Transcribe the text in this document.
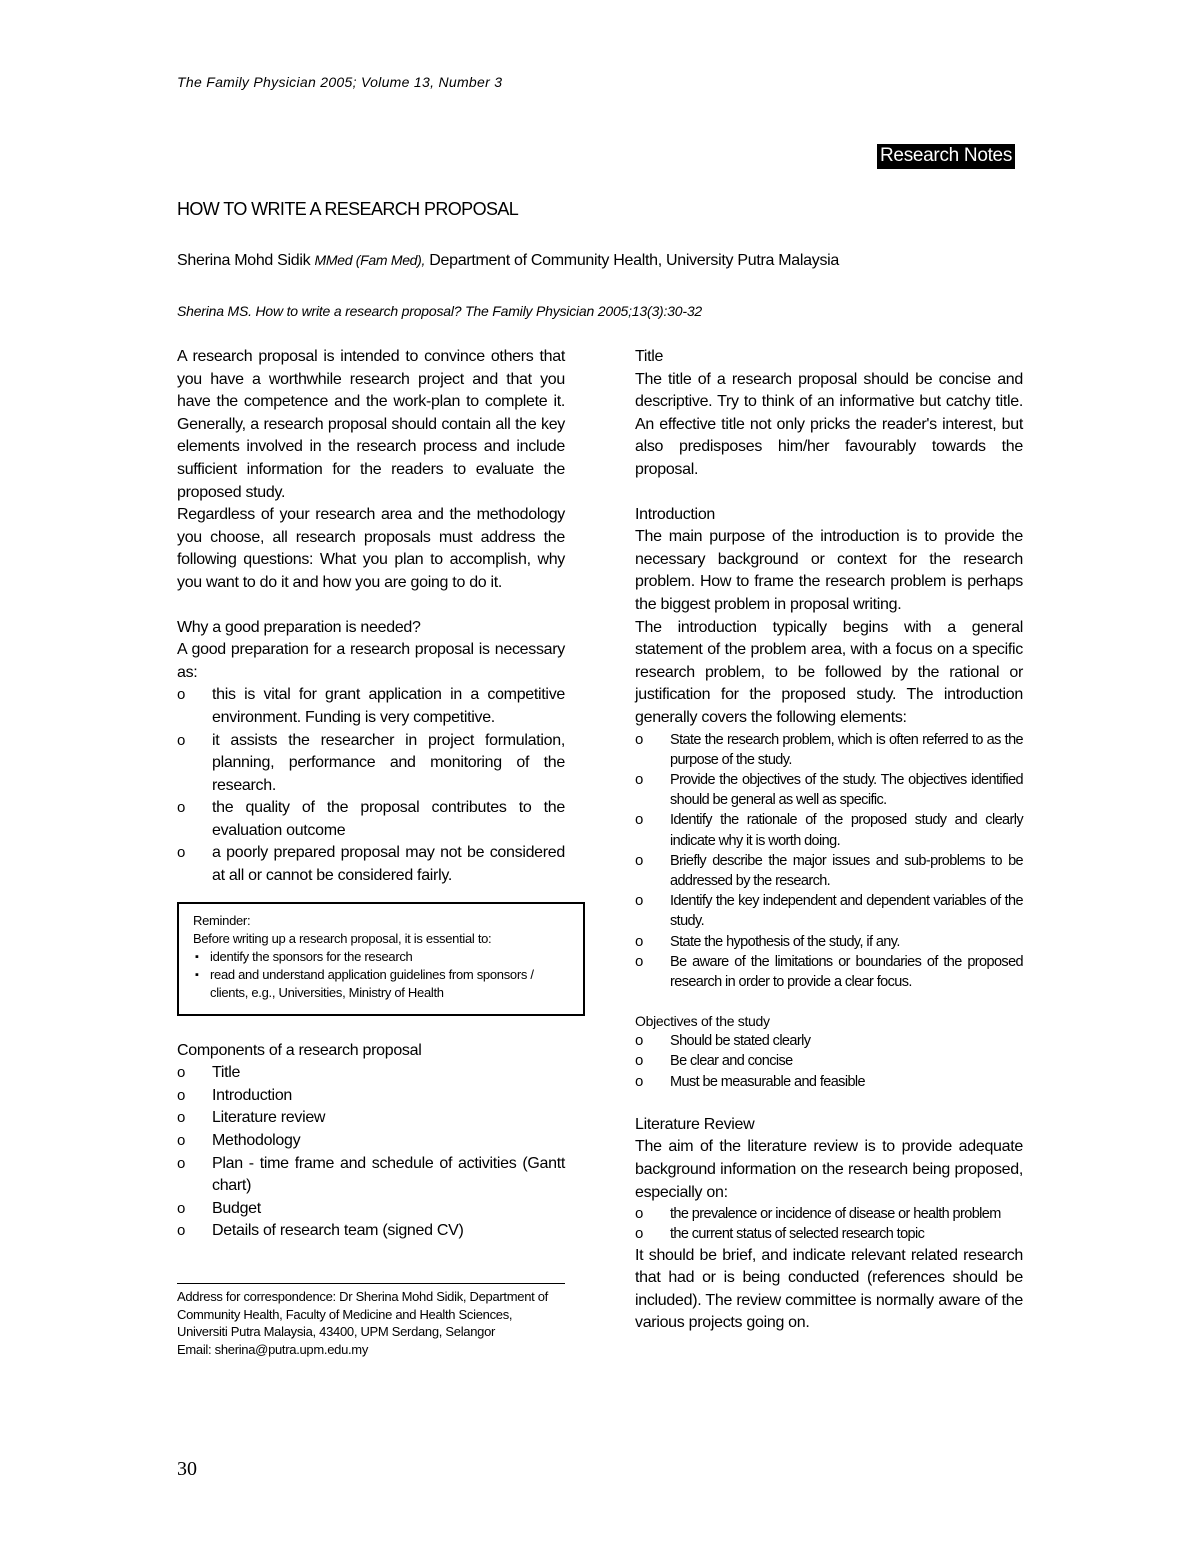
The Family Physician 2005; Volume 13, Number 3
Research Notes
HOW TO WRITE A RESEARCH PROPOSAL
Sherina Mohd Sidik MMed (Fam Med), Department of Community Health, University Putra Malaysia
Sherina MS. How to write a research proposal? The Family Physician 2005;13(3):30-32

A research proposal is intended to convince others that you have a worthwhile research project and that you have the competence and the work-plan to complete it. Generally, a research proposal should contain all the key elements involved in the research process and include sufficient information for the readers to evaluate the proposed study.

Regardless of your research area and the methodology you choose, all research proposals must address the following questions: What you plan to accomplish, why you want to do it and how you are going to do it.

Why a good preparation is needed?

A good preparation for a research proposal is necessary as:

o this is vital for grant application in a competitive environment. Funding is very competitive.
o it assists the researcher in project formulation, planning, performance and monitoring of the research.
o the quality of the proposal contributes to the evaluation outcome
o a poorly prepared proposal may not be considered at all or cannot be considered fairly.
Reminder:
Before writing up a research proposal, it is essential to:
▪ identify the sponsors for the research
▪ read and understand application guidelines from sponsors / clients, e.g., Universities, Ministry of Health
Components of a research proposal
o Title
o Introduction
o Literature review
o Methodology
o Plan - time frame and schedule of activities (Gantt chart)
o Budget
o Details of research team (signed CV)
Address for correspondence: Dr Sherina Mohd Sidik, Department of Community Health, Faculty of Medicine and Health Sciences, Universiti Putra Malaysia, 43400, UPM Serdang, Selangor
Email: sherina@putra.upm.edu.my
Title

The title of a research proposal should be concise and descriptive. Try to think of an informative but catchy title. An effective title not only pricks the reader's interest, but also predisposes him/her favourably towards the proposal.

Introduction

The main purpose of the introduction is to provide the necessary background or context for the research problem. How to frame the research problem is perhaps the biggest problem in proposal writing.

The introduction typically begins with a general statement of the problem area, with a focus on a specific research problem, to be followed by the rational or justification for the proposed study. The introduction generally covers the following elements:

o State the research problem, which is often referred to as the purpose of the study.
o Provide the objectives of the study. The objectives identified should be general as well as specific.
o Identify the rationale of the proposed study and clearly indicate why it is worth doing.
o Briefly describe the major issues and sub-problems to be addressed by the research.
o Identify the key independent and dependent variables of the study.
o State the hypothesis of the study, if any.
o Be aware of the limitations or boundaries of the proposed research in order to provide a clear focus.
Objectives of the study
o Should be stated clearly
o Be clear and concise
o Must be measurable and feasible
Literature Review

The aim of the literature review is to provide adequate background information on the research being proposed, especially on:

o the prevalence or incidence of disease or health problem
o the current status of selected research topic

It should be brief, and indicate relevant related research that had or is being conducted (references should be included). The review committee is normally aware of the various projects going on.

30
